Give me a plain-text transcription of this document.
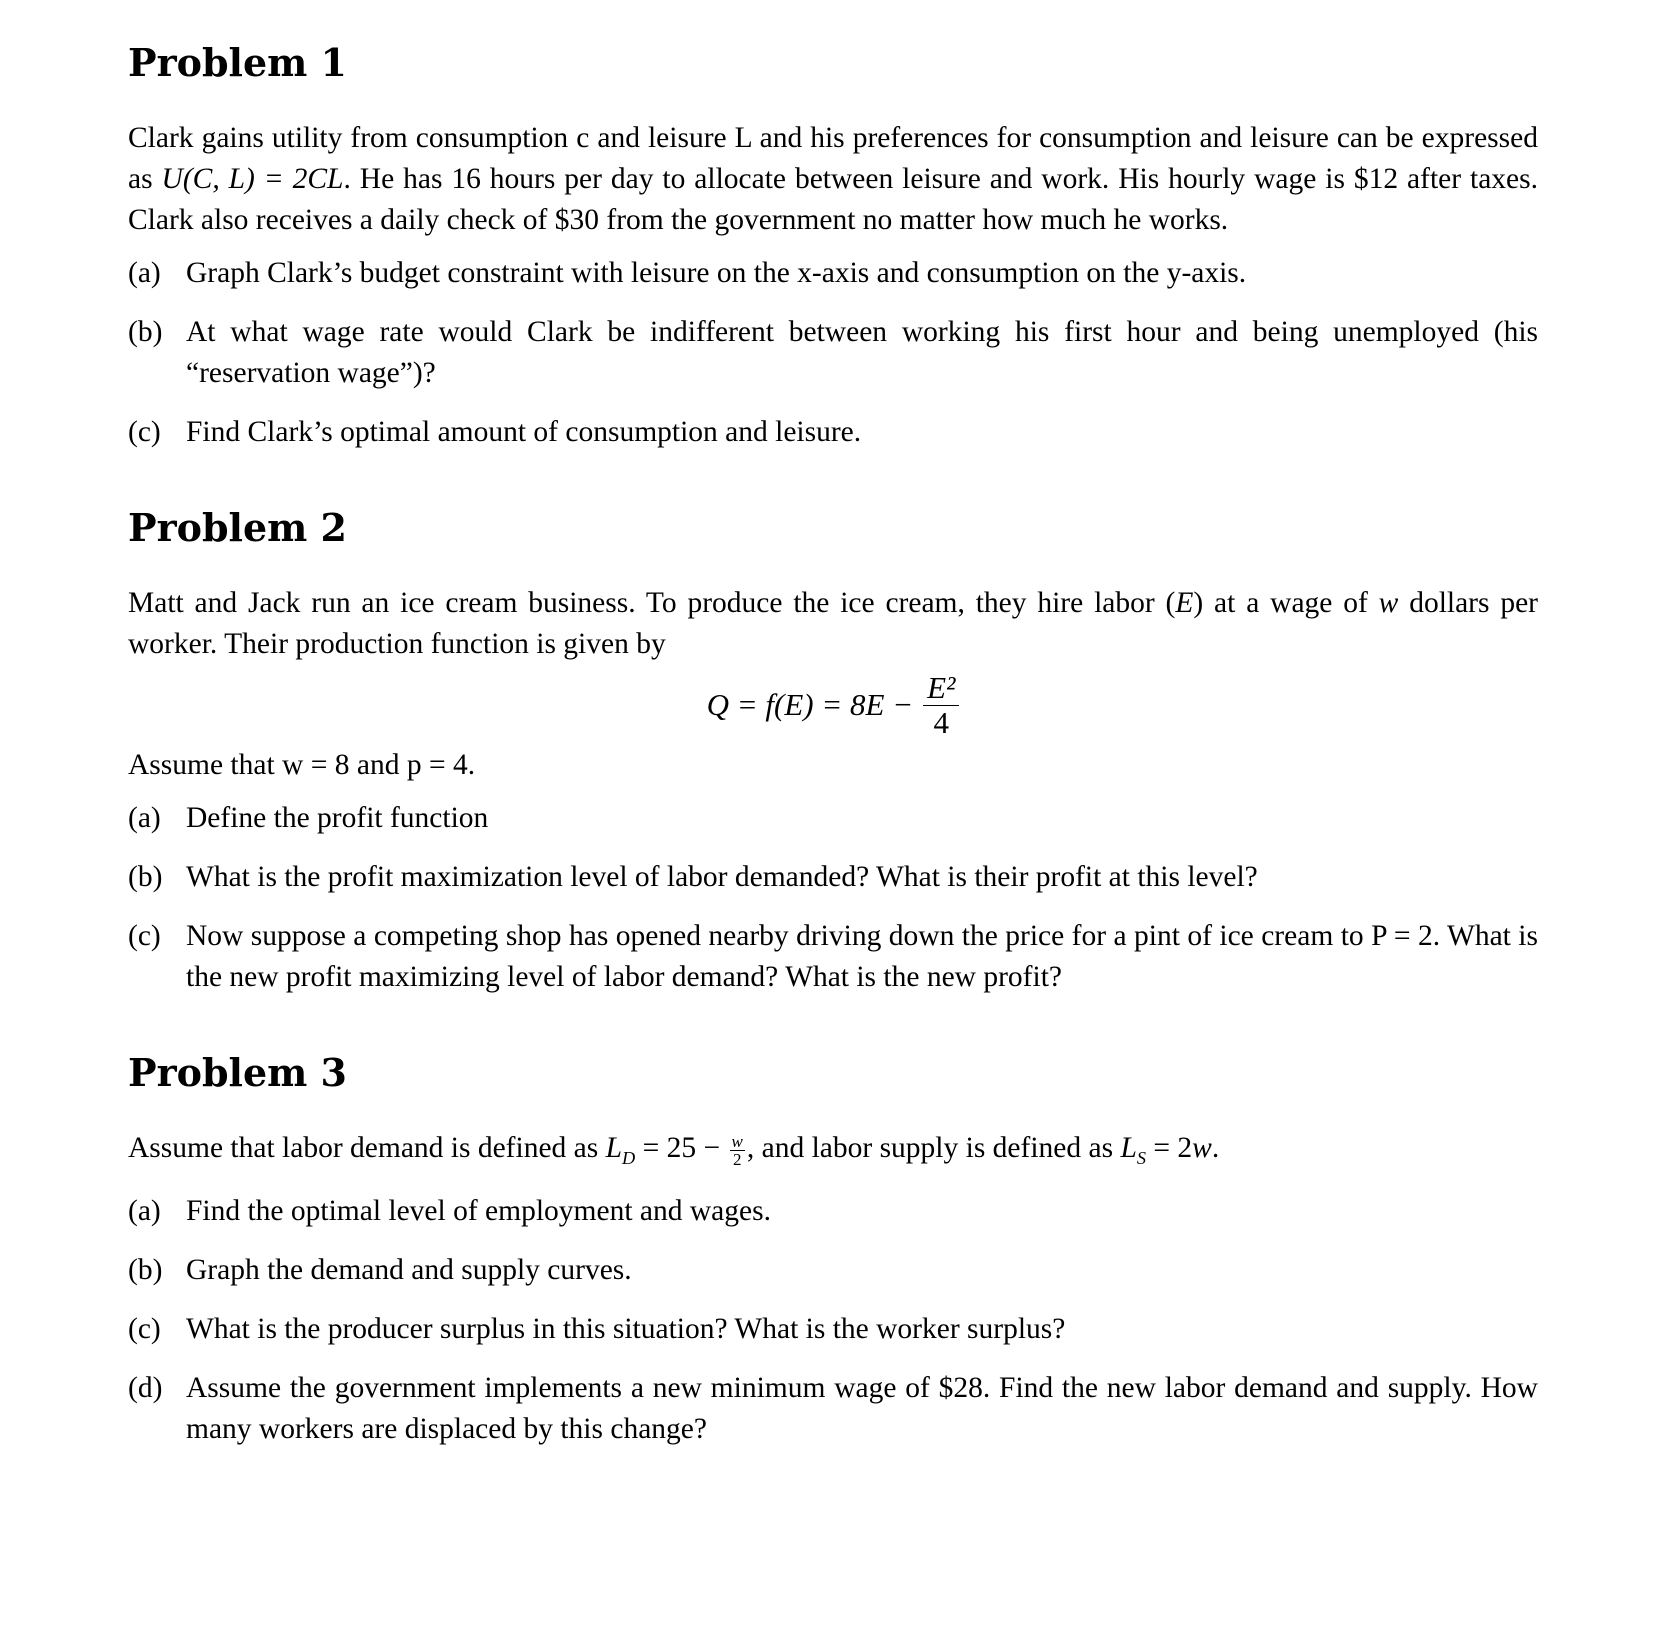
Problem 1

Clark gains utility from consumption c and leisure L and his preferences for consumption and leisure can be expressed as U(C, L) = 2CL. He has 16 hours per day to allocate between leisure and work. His hourly wage is $12 after taxes. Clark also receives a daily check of $30 from the government no matter how much he works.

(a) Graph Clark’s budget constraint with leisure on the x-axis and consumption on the y-axis.
(b) At what wage rate would Clark be indifferent between working his first hour and being unemployed (his “reservation wage”)?
(c) Find Clark’s optimal amount of consumption and leisure.
Problem 2

Matt and Jack run an ice cream business. To produce the ice cream, they hire labor (E) at a wage of w dollars per worker. Their production function is given by

$Q = f(E) = 8E - \frac{\text{E²}}{4}$

Assume that w = 8 and p = 4.

(a) Define the profit function
(b) What is the profit maximization level of labor demanded? What is their profit at this level?
(c) Now suppose a competing shop has opened nearby driving down the price for a pint of ice cream to P = 2. What is the new profit maximizing level of labor demand? What is the new profit?
Problem 3

Assume that labor demand is defined as $L_D = 25 - \frac{w}{2}$ , and labor supply is defined as $L_S = 2w$.

(a) Find the optimal level of employment and wages.
(b) Graph the demand and supply curves.
(c) What is the producer surplus in this situation? What is the worker surplus?
(d) Assume the government implements a new minimum wage of $28. Find the new labor demand and supply. How many workers are displaced by this change?
